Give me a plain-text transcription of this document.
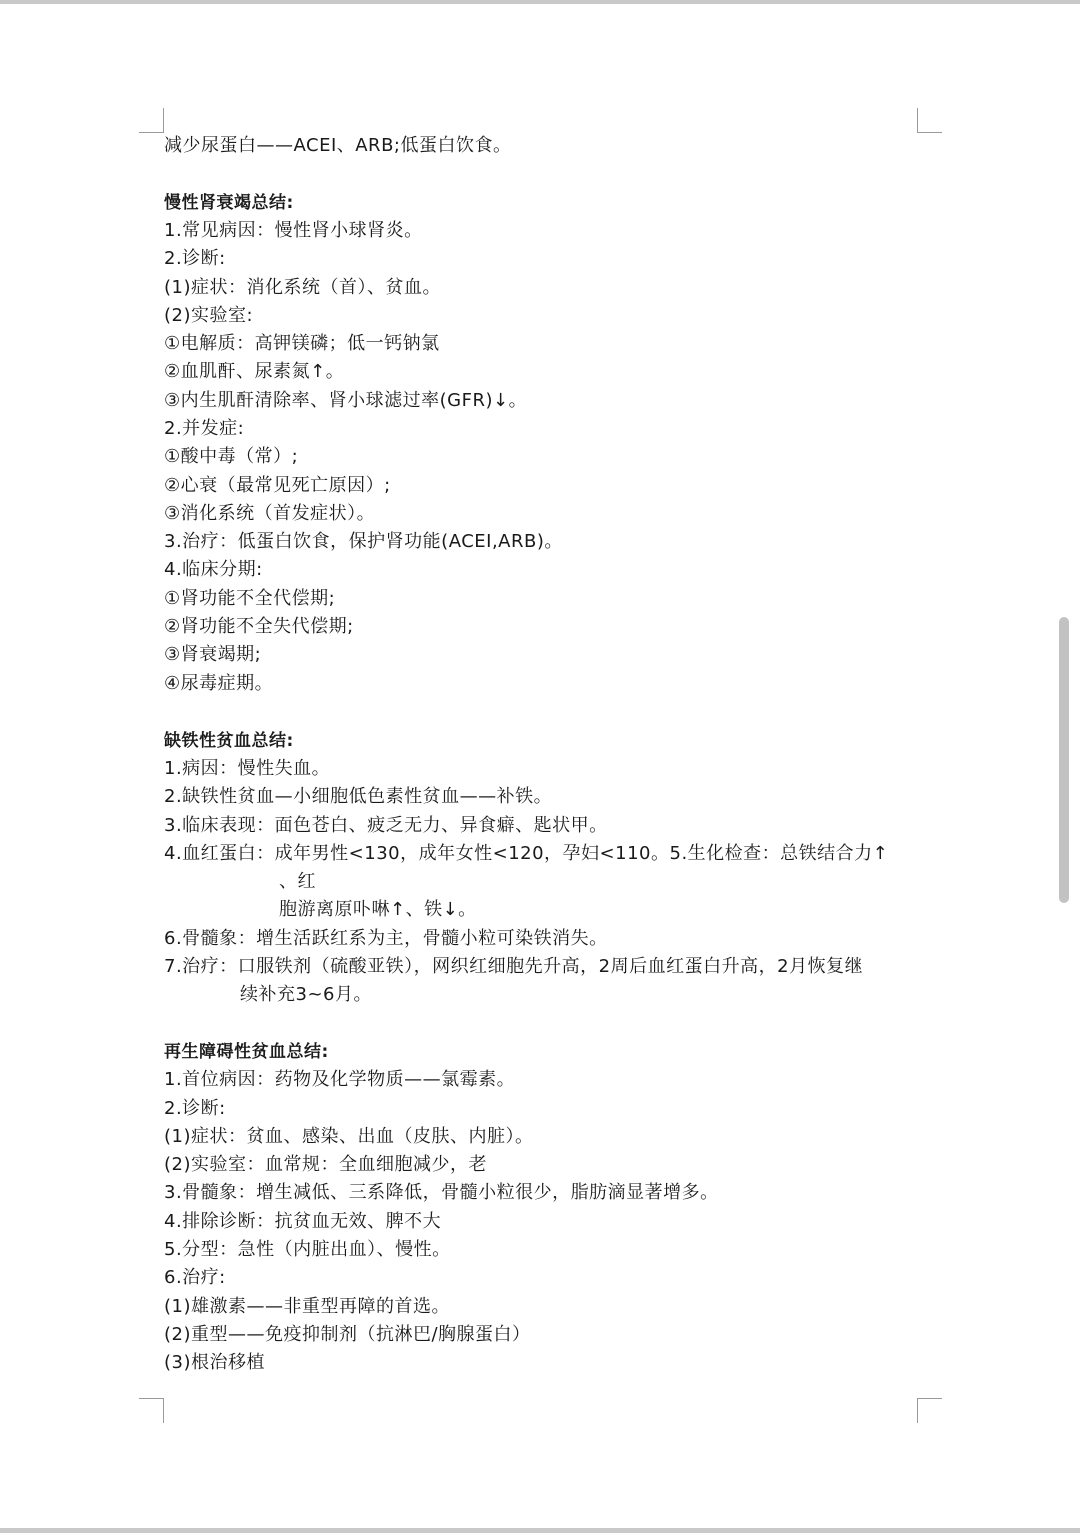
减少尿蛋白——ACEI、ARB;低蛋白饮食。
慢性肾衰竭总结:
1.常见病因：慢性肾小球肾炎。
2.诊断:
(1)症状：消化系统（首）、贫血。
(2)实验室:
①电解质：高钾镁磷；低一钙钠氯
②血肌酐、尿素氮↑。
③内生肌酐清除率、肾小球滤过率(GFR)↓。
2.并发症:
①酸中毒（常）;
②心衰（最常见死亡原因）;
③消化系统（首发症状）。
3.治疗：低蛋白饮食，保护肾功能(ACEI,ARB)。
4.临床分期:
①肾功能不全代偿期;
②肾功能不全失代偿期;
③肾衰竭期;
④尿毒症期。
缺铁性贫血总结:
1.病因：慢性失血。
2.缺铁性贫血—小细胞低色素性贫血——补铁。
3.临床表现：面色苍白、疲乏无力、异食癖、匙状甲。
4.血红蛋白：成年男性<130，成年女性<120，孕妇<110。5.生化检查：总铁结合力↑
、红
胞游离原卟啉↑、铁↓。
6.骨髓象：增生活跃红系为主，骨髓小粒可染铁消失。
7.治疗：口服铁剂（硫酸亚铁），网织红细胞先升高，2周后血红蛋白升高，2月恢复继
续补充3~6月。
再生障碍性贫血总结:
1.首位病因：药物及化学物质——氯霉素。
2.诊断:
(1)症状：贫血、感染、出血（皮肤、内脏）。
(2)实验室：血常规：全血细胞减少，老
3.骨髓象：增生减低、三系降低，骨髓小粒很少，脂肪滴显著增多。
4.排除诊断：抗贫血无效、脾不大
5.分型：急性（内脏出血）、慢性。
6.治疗:
(1)雄激素——非重型再障的首选。
(2)重型——免疫抑制剂（抗淋巴/胸腺蛋白）
(3)根治移植
